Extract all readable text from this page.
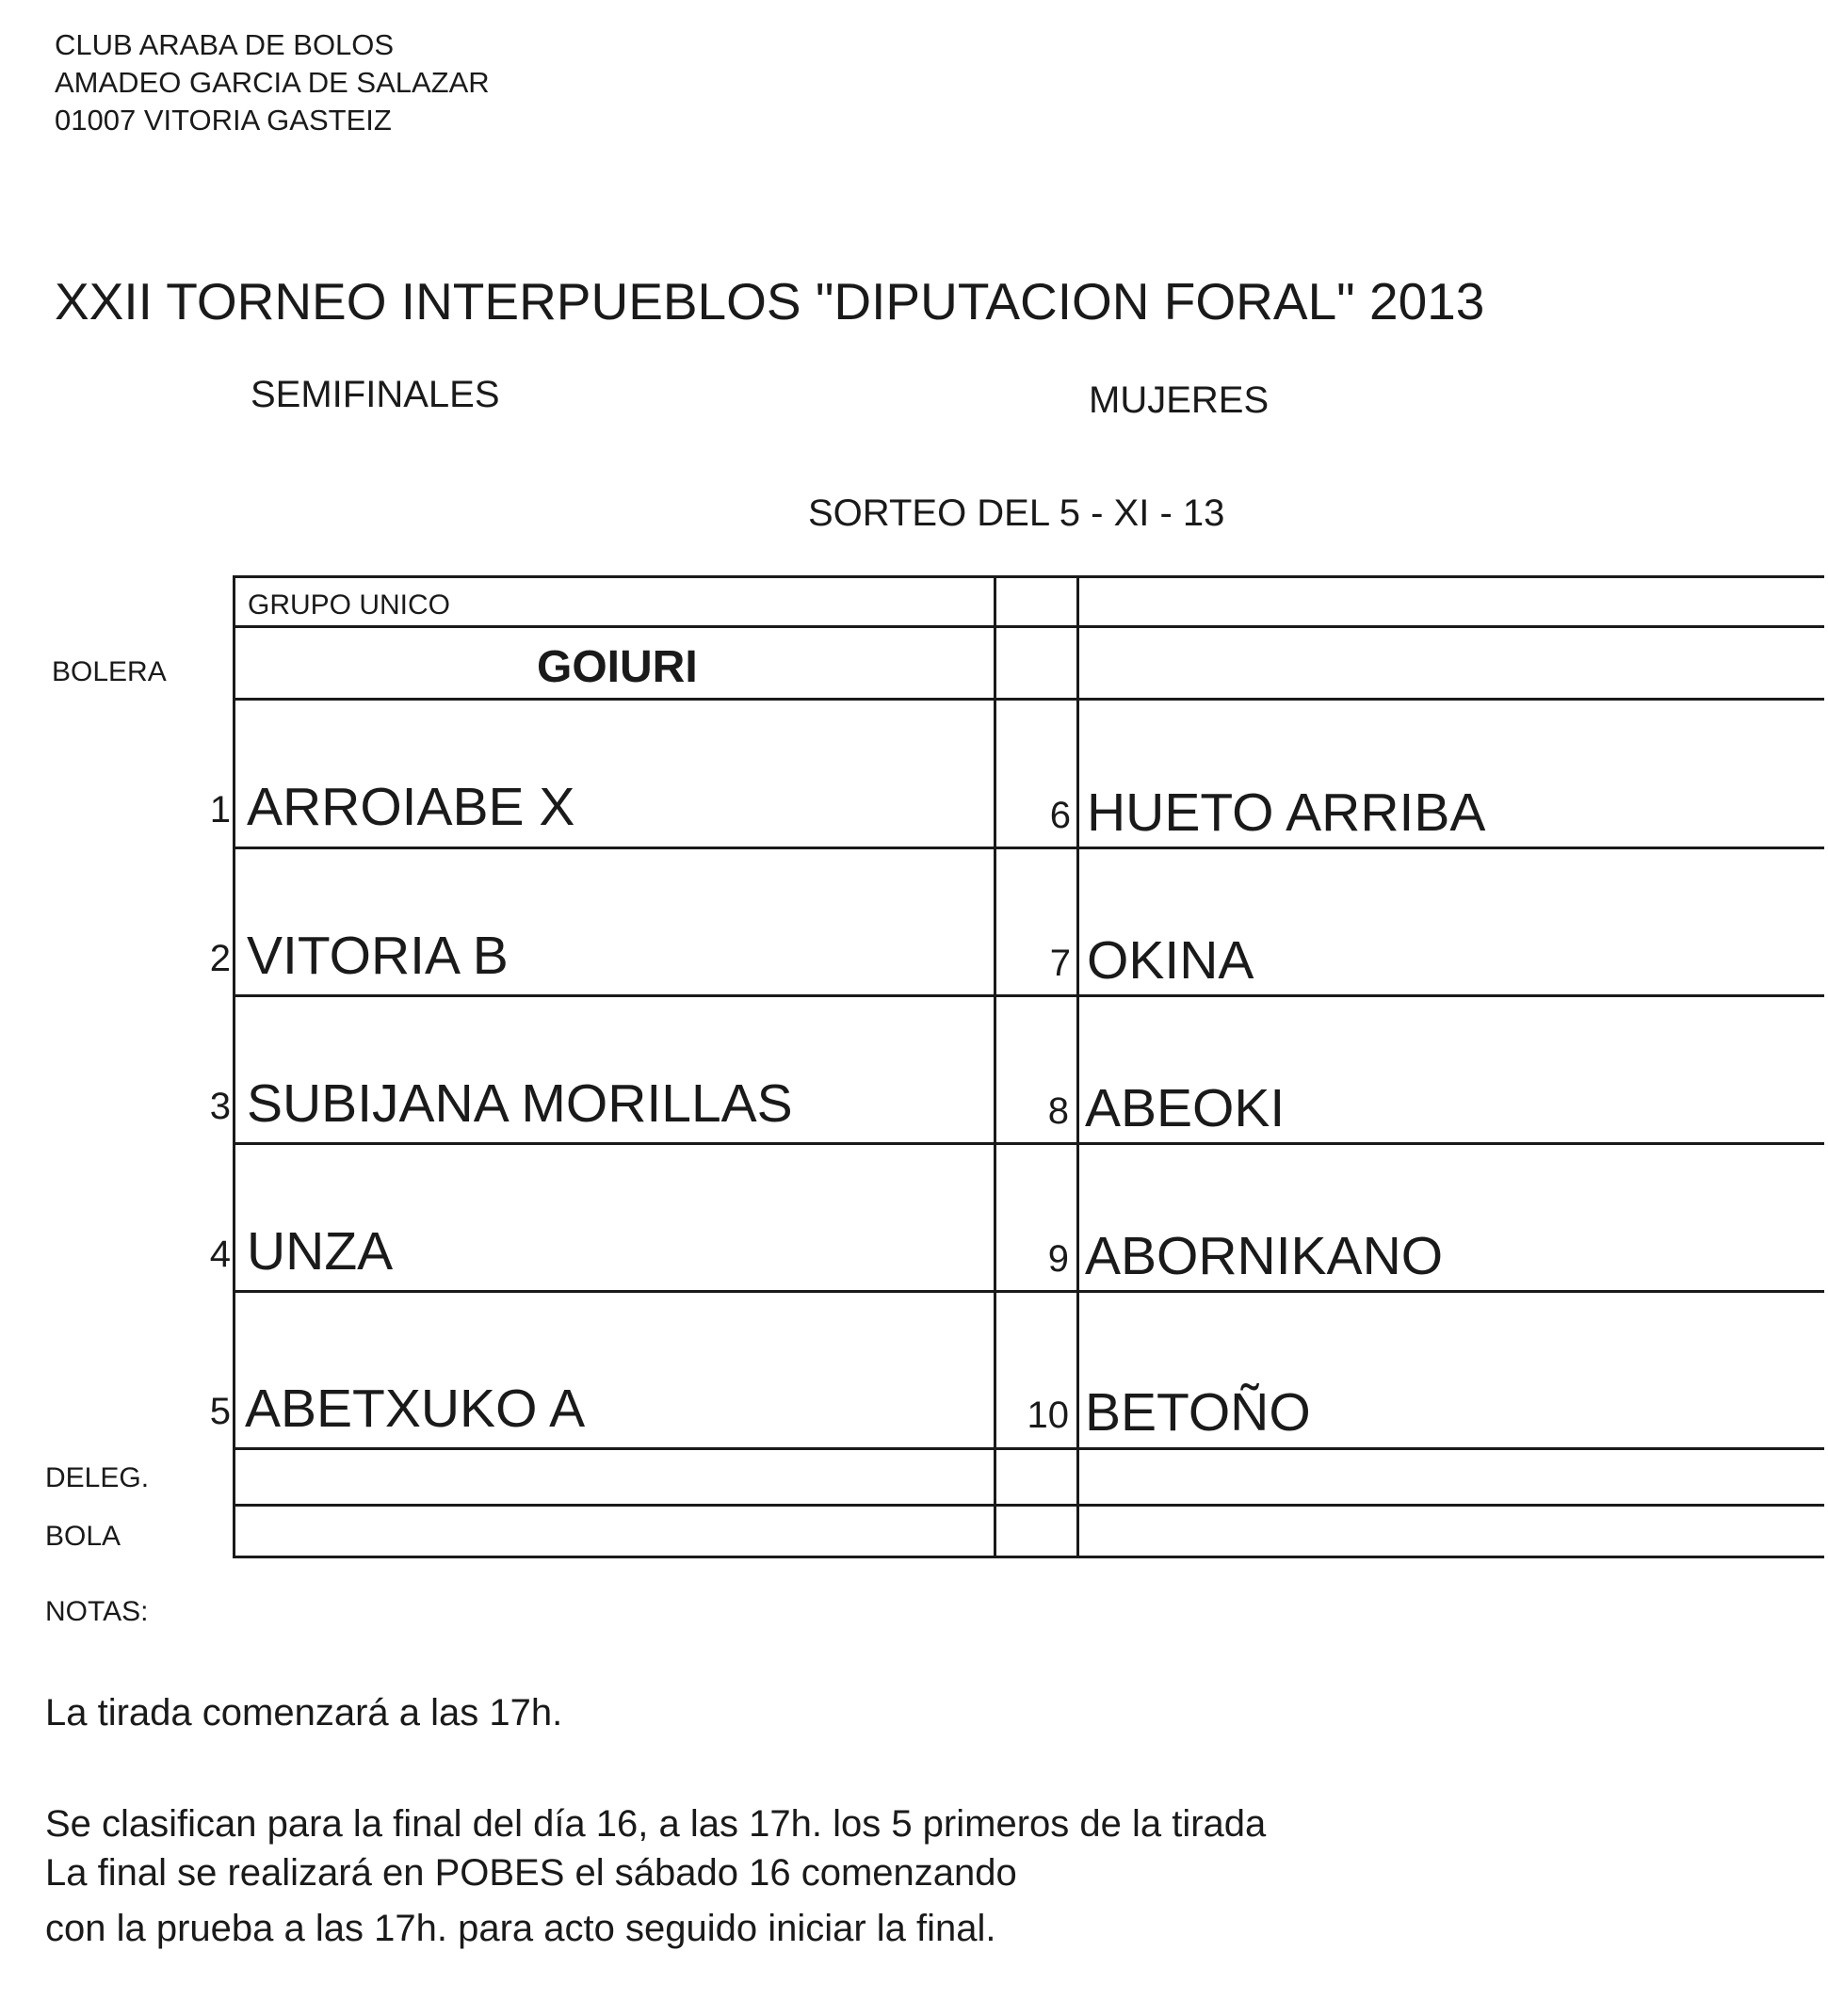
CLUB ARABA DE BOLOS
AMADEO GARCIA DE SALAZAR
01007 VITORIA GASTEIZ
XXII TORNEO INTERPUEBLOS "DIPUTACION FORAL" 2013
SEMIFINALES	MUJERES
SORTEO DEL 5 - XI - 13
BOLERA
DELEG.
BOLA
GRUPO UNICO
GOIURI
1 ARROIABE X
2 VITORIA B
3 SUBIJANA MORILLAS
4 UNZA
5 ABETXUKO A
6 HUETO ARRIBA
7 OKINA
8 ABEOKI
9 ABORNIKANO
10 BETOÑO
NOTAS:
La tirada comenzará a las 17h.
Se clasifican para la final del día 16, a las 17h. los 5 primeros de la tirada
La final se realizará en POBES el sábado 16 comenzando
con la prueba a las 17h. para acto seguido iniciar la final.
